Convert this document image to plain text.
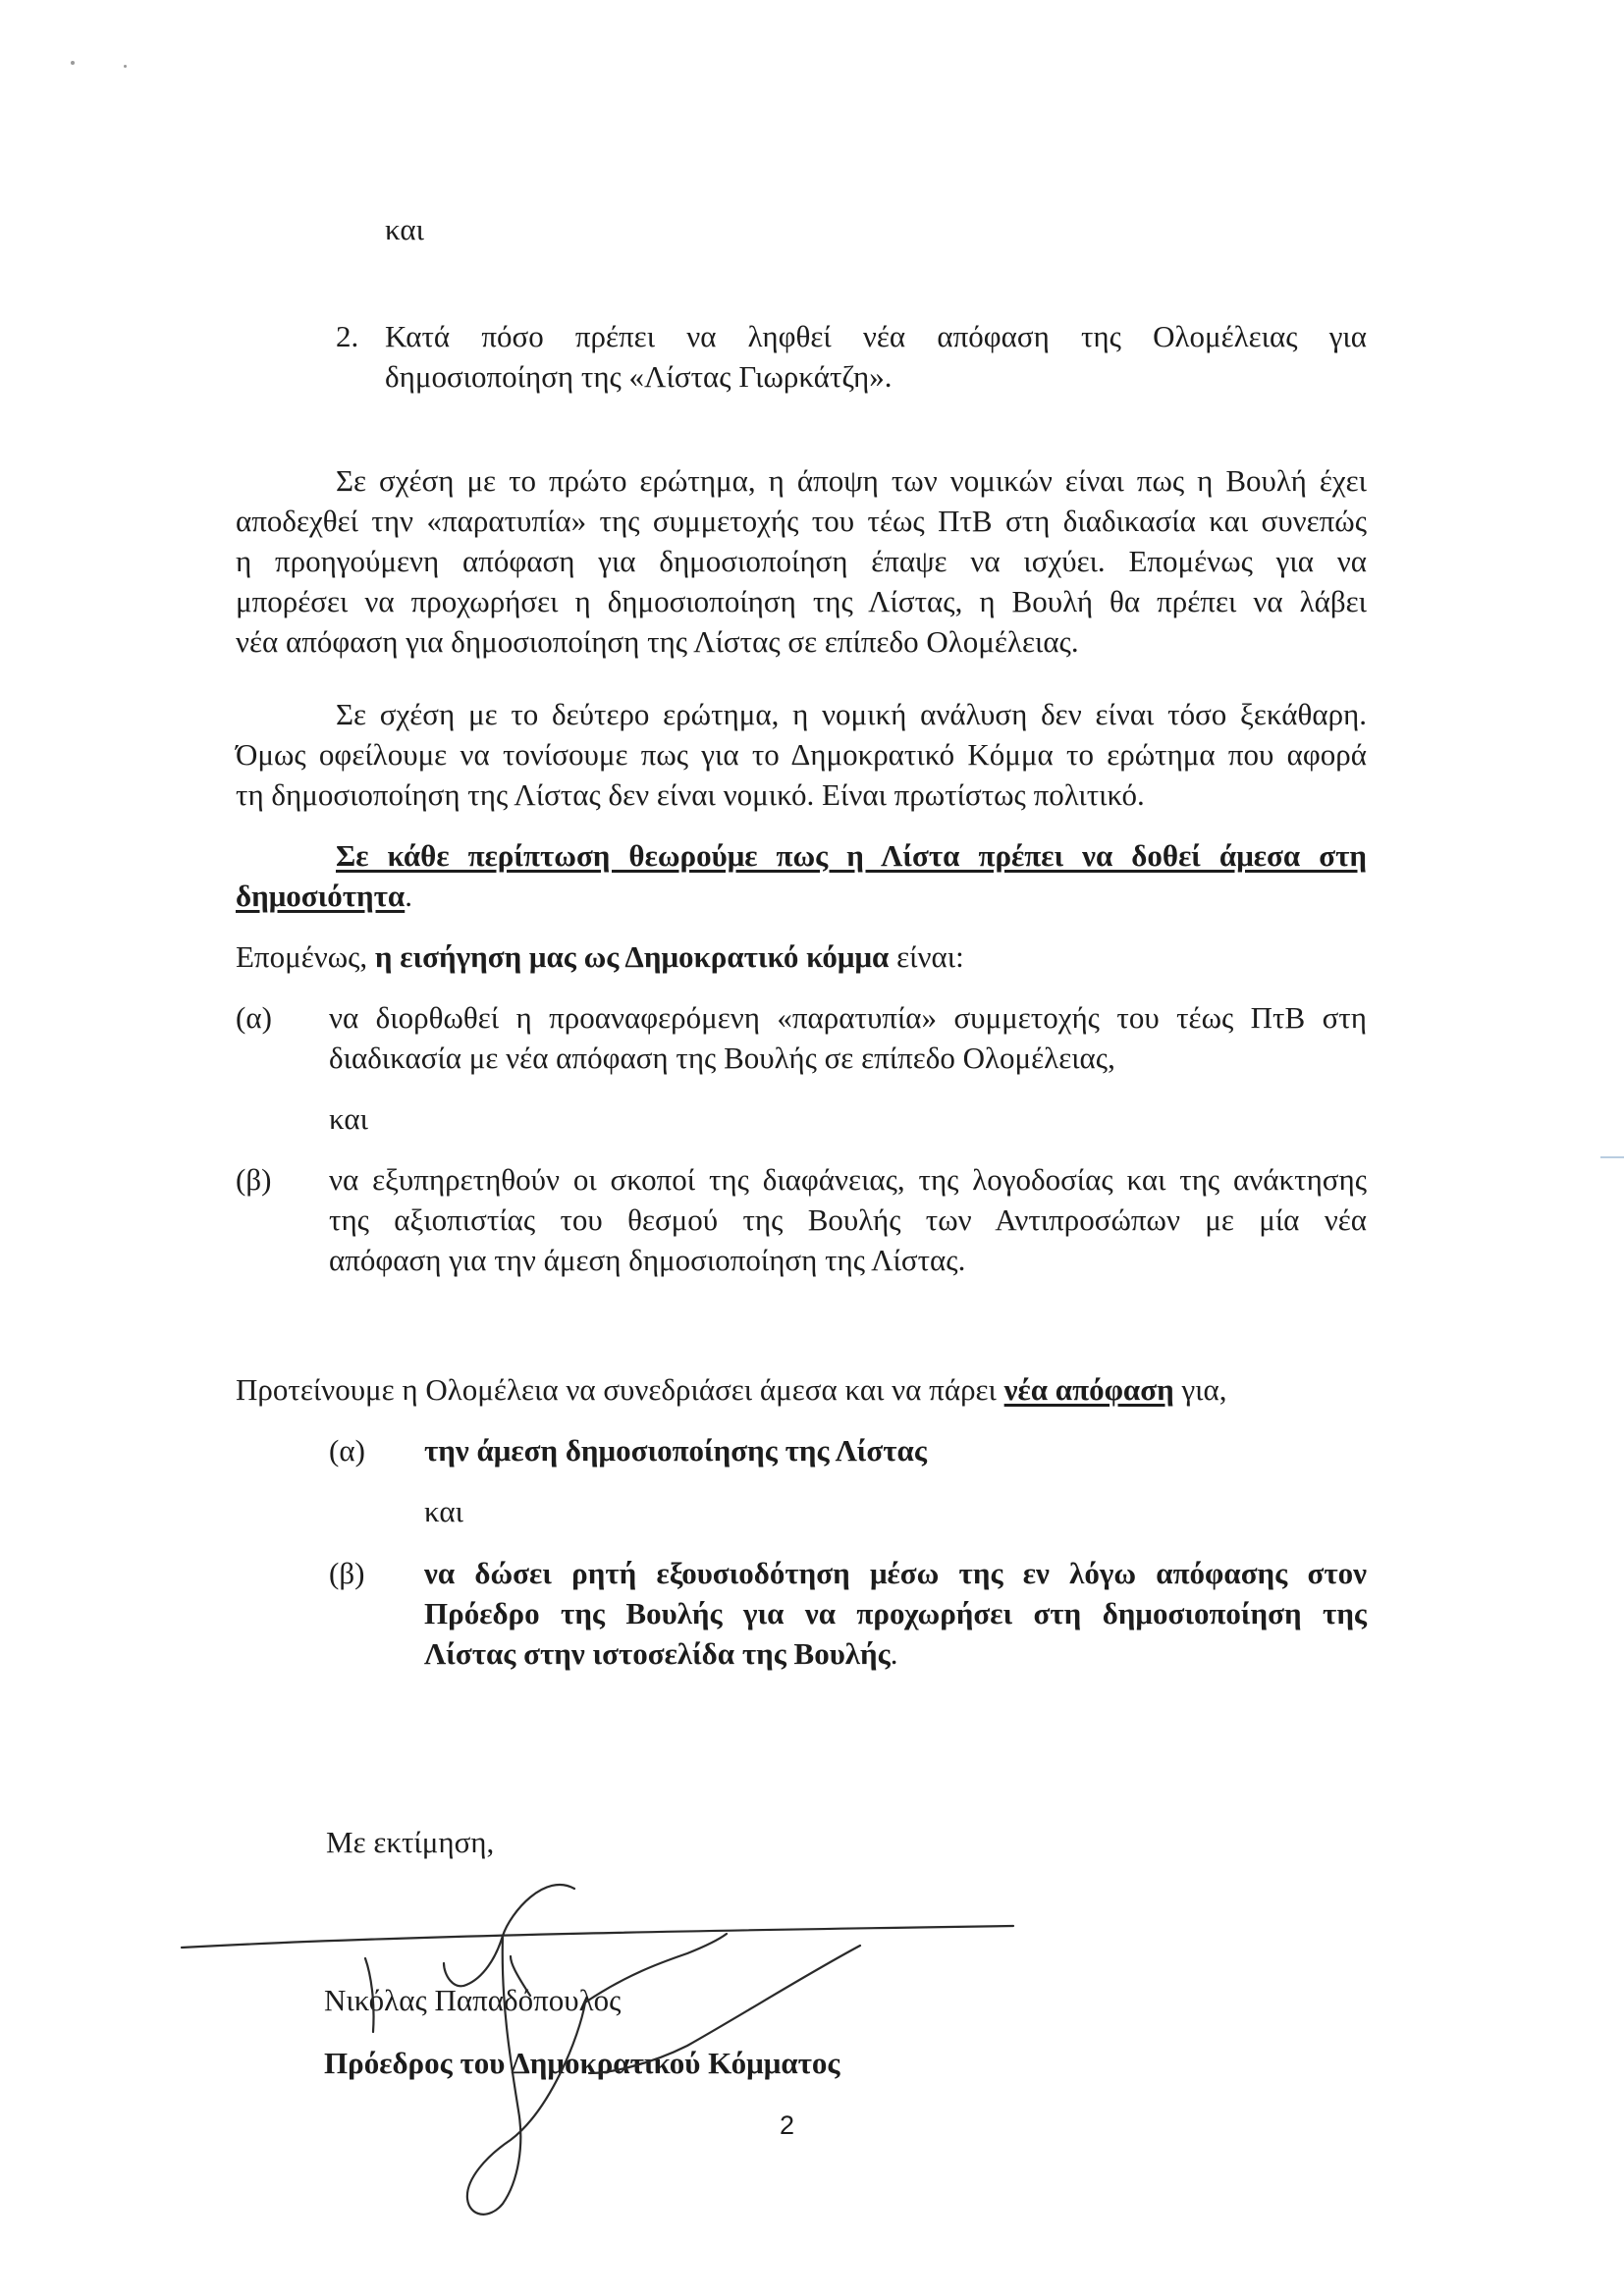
και
2. Κατά πόσο πρέπει να ληφθεί νέα απόφαση της Ολομέλειας για
δημοσιοποίηση της «Λίστας Γιωρκάτζη».
Σε σχέση με το πρώτο ερώτημα, η άποψη των νομικών είναι πως η Βουλή έχει
αποδεχθεί την «παρατυπία» της συμμετοχής του τέως ΠτΒ στη διαδικασία και συνεπώς
η προηγούμενη απόφαση για δημοσιοποίηση έπαψε να ισχύει. Επομένως για να
μπορέσει να προχωρήσει η δημοσιοποίηση της Λίστας, η Βουλή θα πρέπει να λάβει
νέα απόφαση για δημοσιοποίηση της Λίστας σε επίπεδο Ολομέλειας.
Σε σχέση με το δεύτερο ερώτημα, η νομική ανάλυση δεν είναι τόσο ξεκάθαρη.
Όμως οφείλουμε να τονίσουμε πως για το Δημοκρατικό Κόμμα το ερώτημα που αφορά
τη δημοσιοποίηση της Λίστας δεν είναι νομικό. Είναι πρωτίστως πολιτικό.
Σε κάθε περίπτωση θεωρούμε πως η Λίστα πρέπει να δοθεί άμεσα στη
δημοσιότητα.
Επομένως, η εισήγηση μας ως Δημοκρατικό κόμμα είναι:
(α) να διορθωθεί η προαναφερόμενη «παρατυπία» συμμετοχής του τέως ΠτΒ στη
διαδικασία με νέα απόφαση της Βουλής σε επίπεδο Ολομέλειας,
και
(β) να εξυπηρετηθούν οι σκοποί της διαφάνειας, της λογοδοσίας και της ανάκτησης
της αξιοπιστίας του θεσμού της Βουλής των Αντιπροσώπων με μία νέα
απόφαση για την άμεση δημοσιοποίηση της Λίστας.
Προτείνουμε η Ολομέλεια να συνεδριάσει άμεσα και να πάρει νέα απόφαση για,
(α) την άμεση δημοσιοποίησης της Λίστας
και
(β) να δώσει ρητή εξουσιοδότηση μέσω της εν λόγω απόφασης στον
Πρόεδρο της Βουλής για να προχωρήσει στη δημοσιοποίηση της
Λίστας στην ιστοσελίδα της Βουλής.
Με εκτίμηση,
Νικόλας Παπαδόπουλος
Πρόεδρος του Δημοκρατικού Κόμματος
2
